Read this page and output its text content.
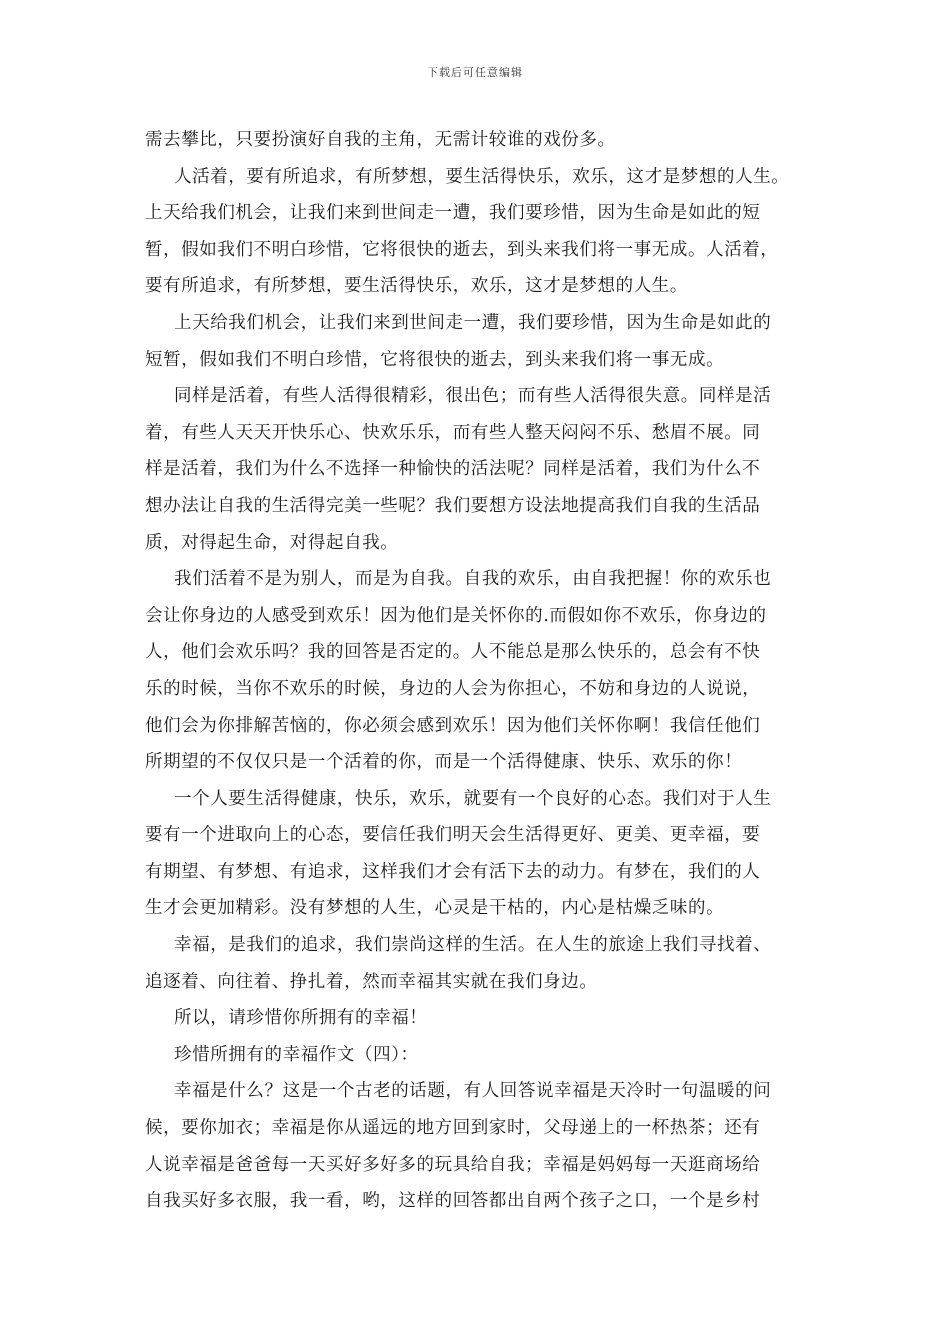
下载后可任意编辑
需去攀比，只要扮演好自我的主角，无需计较谁的戏份多。
人活着，要有所追求，有所梦想，要生活得快乐，欢乐，这才是梦想的人生。
上天给我们机会，让我们来到世间走一遭，我们要珍惜，因为生命是如此的短
暂，假如我们不明白珍惜，它将很快的逝去，到头来我们将一事无成。人活着，
要有所追求，有所梦想，要生活得快乐，欢乐，这才是梦想的人生。
上天给我们机会，让我们来到世间走一遭，我们要珍惜，因为生命是如此的
短暂，假如我们不明白珍惜，它将很快的逝去，到头来我们将一事无成。
同样是活着，有些人活得很精彩，很出色；而有些人活得很失意。同样是活
着，有些人天天开快乐心、快欢乐乐，而有些人整天闷闷不乐、愁眉不展。同
样是活着，我们为什么不选择一种愉快的活法呢？同样是活着，我们为什么不
想办法让自我的生活得完美一些呢？我们要想方设法地提高我们自我的生活品
质，对得起生命，对得起自我。
我们活着不是为别人，而是为自我。自我的欢乐，由自我把握！你的欢乐也
会让你身边的人感受到欢乐！因为他们是关怀你的.而假如你不欢乐，你身边的
人，他们会欢乐吗？我的回答是否定的。人不能总是那么快乐的，总会有不快
乐的时候，当你不欢乐的时候，身边的人会为你担心，不妨和身边的人说说，
他们会为你排解苦恼的，你必须会感到欢乐！因为他们关怀你啊！我信任他们
所期望的不仅仅只是一个活着的你，而是一个活得健康、快乐、欢乐的你！
一个人要生活得健康，快乐，欢乐，就要有一个良好的心态。我们对于人生
要有一个进取向上的心态，要信任我们明天会生活得更好、更美、更幸福，要
有期望、有梦想、有追求，这样我们才会有活下去的动力。有梦在，我们的人
生才会更加精彩。没有梦想的人生，心灵是干枯的，内心是枯燥乏味的。
幸福，是我们的追求，我们崇尚这样的生活。在人生的旅途上我们寻找着、
追逐着、向往着、挣扎着，然而幸福其实就在我们身边。
所以，请珍惜你所拥有的幸福！
珍惜所拥有的幸福作文（四）：
幸福是什么？这是一个古老的话题，有人回答说幸福是天冷时一句温暖的问
候，要你加衣；幸福是你从遥远的地方回到家时，父母递上的一杯热茶；还有
人说幸福是爸爸每一天买好多好多的玩具给自我；幸福是妈妈每一天逛商场给
自我买好多衣服，我一看，哟，这样的回答都出自两个孩子之口，一个是乡村
